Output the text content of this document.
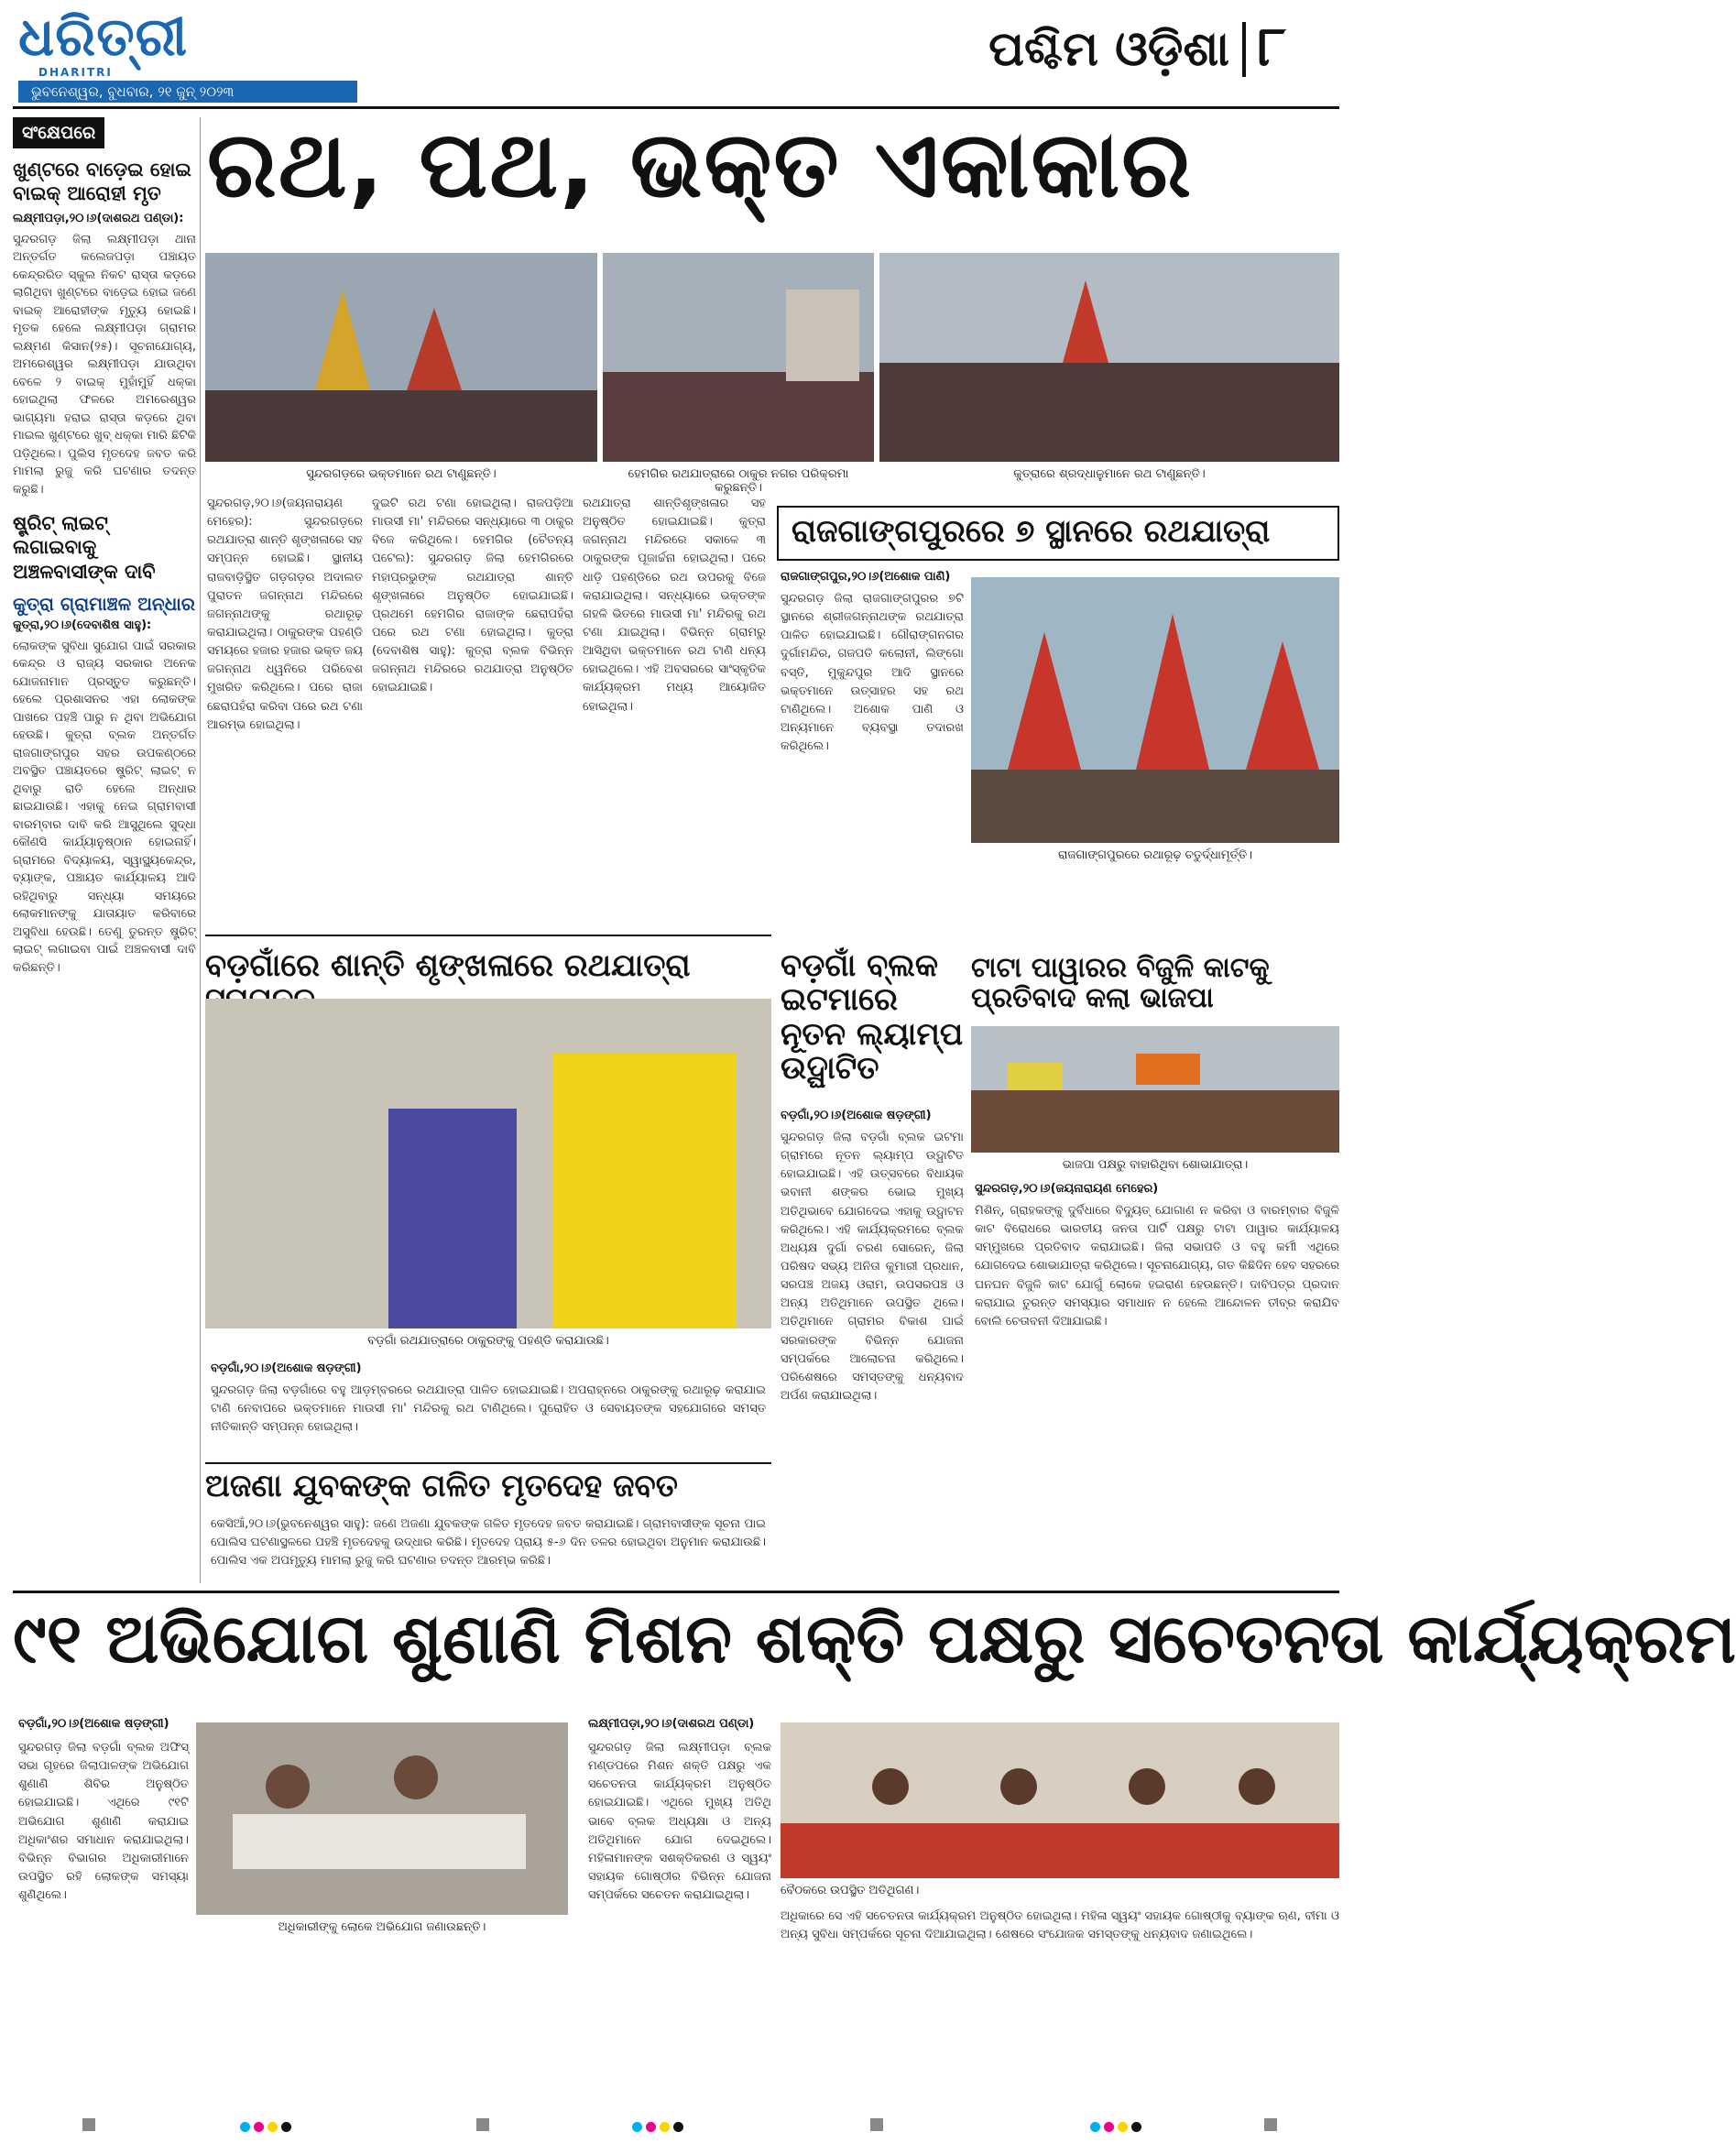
ଧରିତ୍ରୀ
DHARITRI
ଭୁବନେଶ୍ୱର, ବୁଧବାର, ୨୧ ଜୁନ୍ ୨୦୨୩
ପଶ୍ଚିମ ଓଡ଼ିଶା ୮
ସଂକ୍ଷେପରେ
ଖୁଣ୍ଟରେ ବାଡ଼େଇ ହୋଇ ବାଇକ୍ ଆରୋହୀ ମୃତ
ଲକ୍ଷ୍ମୀପଡ଼ା,୨୦।୬(ଦାଶରଥ ପଣ୍ଡା):
ସୁନ୍ଦରଗଡ଼ ଜିଲା ଲକ୍ଷ୍ମୀପଡ଼ା ଥାନା ଅନ୍ତର୍ଗତ କଲେଜପଡ଼ା ପଞ୍ଚାୟତ କେନ୍ଦ୍ରରିତ ସ୍କୁଲ ନିକଟ ରାସ୍ତା କଡ଼ରେ ଲାଗିଥିବା ଖୁଣ୍ଟରେ ବାଡ଼େଇ ହୋଇ ଜଣେ ବାଇକ୍ ଆରୋହୀଙ୍କ ମୃତ୍ୟୁ ହୋଇଛି। ମୃତକ ହେଲେ ଲକ୍ଷ୍ମୀପଡ଼ା ଗ୍ରାମର ଲକ୍ଷ୍ମଣ କିସାନ(୨୫)। ସୂଚନାଯୋଗ୍ୟ, ଅମରେଶ୍ୱର ଲକ୍ଷ୍ମୀପଡ଼ା ଯାଉଥିବା ବେଳେ ୨ ବାଇକ୍ ମୁହାଁମୁହିଁ ଧକ୍କା ହୋଇଥିଲା ଫଳରେ ଅମରେଶ୍ୱର ଭାଗ୍ୟମା ହରାଇ ରାସ୍ତା କଡ଼ରେ ଥିବା ମାଇଲ ଖୁଣ୍ଟରେ ଖୁବ୍ ଧକ୍କା ମାରି ଛିଟିକି ପଡ଼ିଥିଲେ। ପୁଲିସ ମୃତଦେହ ଜବତ କରି ମାମଲା ରୁଜୁ କରି ଘଟଣାର ତଦନ୍ତ କରୁଛି।
ଷ୍ଟ୍ରିଟ୍ ଲାଇଟ୍ ଲଗାଇବାକୁ ଅଞ୍ଚଳବାସୀଙ୍କ ଦାବି
କୁତ୍ରା ଗ୍ରାମାଞ୍ଚଳ ଅନ୍ଧାର
କୁତ୍ରା,୨୦।୬(ଦେବାଶିଷ ସାହୁ):
ଲୋକଙ୍କ ସୁବିଧା ସୁଯୋଗ ପାଇଁ ସରକାର କେନ୍ଦ୍ର ଓ ରାଜ୍ୟ ସରକାର ଅନେକ ଯୋଜନାମାନ ପ୍ରସ୍ତୁତ କରୁଛନ୍ତି। ହେଲେ ପ୍ରଶାସନର ଏହା ଲୋକଙ୍କ ପାଖରେ ପହଞ୍ଚି ପାରୁ ନ ଥିବା ଅଭିଯୋଗ ହେଉଛି। କୁତ୍ରା ବ୍ଲକ ଅନ୍ତର୍ଗତ ରାଜଗାଙ୍ଗପୁର ସହର ଉପକଣ୍ଠରେ ଅବସ୍ଥିତ ପଞ୍ଚାୟତରେ ଷ୍ଟ୍ରିଟ୍ ଲାଇଟ୍ ନ ଥିବାରୁ ରାତି ହେଲେ ଅନ୍ଧାର ଛାଇଯାଉଛି। ଏହାକୁ ନେଇ ଗ୍ରାମବାସୀ ବାରମ୍ବାର ଦାବି କରି ଆସୁଥିଲେ ସୁଦ୍ଧା କୌଣସି କାର୍ଯ୍ୟାନୁଷ୍ଠାନ ହୋଇନାହିଁ। ଗ୍ରାମରେ ବିଦ୍ୟାଳୟ, ସ୍ୱାସ୍ଥ୍ୟକେନ୍ଦ୍ର, ବ୍ୟାଙ୍କ, ପଞ୍ଚାୟତ କାର୍ଯ୍ୟାଳୟ ଆଦି ରହିଥିବାରୁ ସନ୍ଧ୍ୟା ସମୟରେ ଲୋକମାନଙ୍କୁ ଯାତାୟାତ କରିବାରେ ଅସୁବିଧା ହେଉଛି। ତେଣୁ ତୁରନ୍ତ ଷ୍ଟ୍ରିଟ୍ ଲାଇଟ୍ ଲଗାଇବା ପାଇଁ ଅଞ୍ଚଳବାସୀ ଦାବି କରିଛନ୍ତି।
ରଥ, ପଥ, ଭକ୍ତ ଏକାକାର
ସୁନ୍ଦରଗଡ଼ରେ ଭକ୍ତମାନେ ରଥ ଟାଣୁଛନ୍ତି।	ହେମଗିର ରଥଯାତ୍ରାରେ ଠାକୁର ନଗର ପରିକ୍ରମା କରୁଛନ୍ତି।
କୁତ୍ରାରେ ଶ୍ରଦ୍ଧାଳୁମାନେ ରଥ ଟାଣୁଛନ୍ତି।
ସୁନ୍ଦରଗଡ଼,୨୦।୬(ଜୟନାରାୟଣ ମେହେର): ସୁନ୍ଦରଗଡ଼ରେ ରଥଯାତ୍ରା ଶାନ୍ତି ଶୃଙ୍ଖଳାରେ ସହ ସମ୍ପନ୍ନ ହୋଇଛି। ସ୍ଥାନୀୟ ରାଜବାଡ଼ିସ୍ଥିତ ଗଡ଼ଗଡ଼ର ଅଦାଲତ ପୁରାତନ ଜଗନ୍ନାଥ ମନ୍ଦିରରେ ଜଗନ୍ନାଥଙ୍କୁ ରଥାରୂଢ଼ କରାଯାଇଥିଲା। ଠାକୁରଙ୍କ ପହଣ୍ଡି ସମୟରେ ହଜାର ହଜାର ଭକ୍ତ ଜୟ ଜଗନ୍ନାଥ ଧ୍ୱନିରେ ପରିବେଶ ମୁଖରିତ କରିଥିଲେ। ପରେ ରାଜା ଛେରାପହଁରା କରିବା ପରେ ରଥ ଟଣା ଆରମ୍ଭ ହୋଇଥିଲା।
ଦୁଇଟି ରଥ ଟଣା ହୋଇଥିଲା। ରାଜପଡ଼ିଆ ମାଉସୀ ମା' ମନ୍ଦିରରେ ସନ୍ଧ୍ୟାରେ ୩ ଠାକୁର ବିଜେ କରିଥିଲେ। ହେମଗିର (ଚୈତନ୍ୟ ପଟେଲ): ସୁନ୍ଦରଗଡ଼ ଜିଲା ହେମଗିରରେ ମହାପ୍ରଭୁଙ୍କ ରଥଯାତ୍ରା ଶାନ୍ତି ଶୃଙ୍ଖଳାରେ ଅନୁଷ୍ଠିତ ହୋଇଯାଇଛି। ପ୍ରଥମେ ହେମଗିର ରାଜାଙ୍କ ଛେରାପହଁରା ପରେ ରଥ ଟଣା ହୋଇଥିଲା। କୁତ୍ରା (ଦେବାଶିଷ ସାହୁ): କୁତ୍ରା ବ୍ଲକ ବିଭିନ୍ନ ଜଗନ୍ନାଥ ମନ୍ଦିରରେ ରଥଯାତ୍ରା ଅନୁଷ୍ଠିତ ହୋଇଯାଇଛି।
ରଥଯାତ୍ରା ଶାନ୍ତିଶୃଙ୍ଖଳାର ସହ ଅନୁଷ୍ଠିତ ହୋଇଯାଇଛି। କୁତ୍ରା ଜଗନ୍ନାଥ ମନ୍ଦିରରେ ସକାଳେ ୩ ଠାକୁରଙ୍କ ପୂଜାର୍ଚ୍ଚନା ହୋଇଥିଲା। ପରେ ଧାଡ଼ି ପହଣ୍ଡିରେ ରଥ ଉପରକୁ ବିଜେ କରାଯାଇଥିଲା। ସନ୍ଧ୍ୟାରେ ଭକ୍ତଙ୍କ ଗହଳି ଭିତରେ ମାଉସୀ ମା' ମନ୍ଦିରକୁ ରଥ ଟଣା ଯାଇଥିଲା। ବିଭିନ୍ନ ଗ୍ରାମରୁ ଆସିଥିବା ଭକ୍ତମାନେ ରଥ ଟାଣି ଧନ୍ୟ ହୋଇଥିଲେ। ଏହି ଅବସରରେ ସାଂସ୍କୃତିକ କାର୍ଯ୍ୟକ୍ରମ ମଧ୍ୟ ଆୟୋଜିତ ହୋଇଥିଲା।
ରାଜଗାଙ୍ଗପୁରରେ ୭ ସ୍ଥାନରେ ରଥଯାତ୍ରା
ରାଜଗାଙ୍ଗପୁର,୨୦।୬(ଅଶୋକ ପାଣି)
ସୁନ୍ଦରଗଡ଼ ଜିଲା ରାଜଗାଙ୍ଗପୁରର ୭ଟି ସ୍ଥାନରେ ଶ୍ରୀଜଗନ୍ନାଥଙ୍କ ରଥଯାତ୍ରା ପାଳିତ ହୋଇଯାଇଛି। ଗୌରାଙ୍ଗନଗର ଦୁର୍ଗାମନ୍ଦିର, ଗଜପତି କଲୋନୀ, ଲିଙ୍ଗୋ ବସ୍ତି, ମୁକୁନ୍ଦପୁର ଆଦି ସ୍ଥାନରେ ଭକ୍ତମାନେ ଉତ୍ସାହର ସହ ରଥ ଟାଣିଥିଲେ। ଅଶୋକ ପାଣି ଓ ଅନ୍ୟମାନେ ବ୍ୟବସ୍ଥା ତଦାରଖ କରିଥିଲେ।
ରାଜଗାଙ୍ଗପୁରରେ ରଥାରୂଢ଼ ଚତୁର୍ଦ୍ଧାମୂର୍ତ୍ତି।
ବଡ଼ଗାଁରେ ଶାନ୍ତି ଶୃଙ୍ଖଳାରେ ରଥଯାତ୍ରା
ବଡ଼ଗାଁ ରଥଯାତ୍ରାରେ ଠାକୁରଙ୍କୁ ପହଣ୍ଡି କରାଯାଉଛି।
ବଡ଼ଗାଁ,୨୦।୬(ଅଶୋକ ଷଡ଼ଙ୍ଗୀ)
ସୁନ୍ଦରଗଡ଼ ଜିଲା ବଡ଼ଗାଁରେ ବହୁ ଆଡ଼ମ୍ବରରେ ରଥଯାତ୍ରା ପାଳିତ ହୋଇଯାଇଛି। ଅପରାହ୍ନରେ ଠାକୁରଙ୍କୁ ରଥାରୂଢ଼ କରାଯାଇ ଟାଣି ନେବାପରେ ଭକ୍ତମାନେ ମାଉସୀ ମା' ମନ୍ଦିରକୁ ରଥ ଟାଣିଥିଲେ। ପୁରୋହିତ ଓ ସେବାୟତଙ୍କ ସହଯୋଗରେ ସମସ୍ତ ନୀତିକାନ୍ତି ସମ୍ପନ୍ନ ହୋଇଥିଲା।
ବଡ଼ଗାଁ ବ୍ଲକ ଇଟମାରେ ନୂତନ ଲ୍ୟାମ୍ପ ଉଦ୍ଘାଟିତ
ବଡ଼ଗାଁ,୨୦।୬(ଅଶୋକ ଷଡ଼ଙ୍ଗୀ)
ସୁନ୍ଦରଗଡ଼ ଜିଲା ବଡ଼ଗାଁ ବ୍ଲକ ଇଟମା ଗ୍ରାମରେ ନୂତନ ଲ୍ୟାମ୍ପ ଉଦ୍ଘାଟିତ ହୋଇଯାଇଛି। ଏହି ଉତ୍ସବରେ ବିଧାୟକ ଭବାନୀ ଶଙ୍କର ଭୋଇ ମୁଖ୍ୟ ଅତିଥିଭାବେ ଯୋଗଦେଇ ଏହାକୁ ଉଦ୍ଘାଟନ କରିଥିଲେ। ଏହି କାର୍ଯ୍ୟକ୍ରମରେ ବ୍ଲକ ଅଧ୍ୟକ୍ଷ ଦୁର୍ଗା ଚରଣ ସୋରେନ୍, ଜିଲା ପରିଷଦ ସଭ୍ୟ ଅନିତା କୁମାରୀ ପ୍ରଧାନ, ସରପଞ୍ଚ ଅଜୟ ଓରାମ, ଉପସରପଞ୍ଚ ଓ ଅନ୍ୟ ଅତିଥିମାନେ ଉପସ୍ଥିତ ଥିଲେ। ଅତିଥିମାନେ ଗ୍ରାମର ବିକାଶ ପାଇଁ ସରକାରଙ୍କ ବିଭିନ୍ନ ଯୋଜନା ସମ୍ପର୍କରେ ଆଲୋଚନା କରିଥିଲେ। ପରିଶେଷରେ ସମସ୍ତଙ୍କୁ ଧନ୍ୟବାଦ ଅର୍ପଣ କରାଯାଇଥିଲା।
ଟାଟା ପାୱାରର ବିଜୁଳି କାଟକୁ ପ୍ରତିବାଦ କଲା ଭାଜପା
ଭାଜପା ପକ୍ଷରୁ ବାହାରିଥିବା ଶୋଭାଯାତ୍ରା।
ସୁନ୍ଦରଗଡ଼,୨୦।୬(ଜୟନାରାୟଣ ମେହେର)
ମିଶିନ୍, ଗ୍ରାହକଙ୍କୁ ଦୁର୍ବିଧାରେ ବିଦ୍ୟୁତ୍ ଯୋଗାଣ ନ କରିବା ଓ ବାରମ୍ବାର ବିଜୁଳି କାଟ ବିରୋଧରେ ଭାରତୀୟ ଜନତା ପାର୍ଟି ପକ୍ଷରୁ ଟାଟା ପାୱାର କାର୍ଯ୍ୟାଳୟ ସମ୍ମୁଖରେ ପ୍ରତିବାଦ କରାଯାଇଛି। ଜିଲା ସଭାପତି ଓ ବହୁ କର୍ମୀ ଏଥିରେ ଯୋଗଦେଇ ଶୋଭାଯାତ୍ରା କରିଥିଲେ। ସୂଚନାଯୋଗ୍ୟ, ଗତ କିଛିଦିନ ହେବ ସହରରେ ଘନଘନ ବିଜୁଳି କାଟ ଯୋଗୁଁ ଲୋକେ ହଇରାଣ ହେଉଛନ୍ତି। ଦାବିପତ୍ର ପ୍ରଦାନ କରାଯାଇ ତୁରନ୍ତ ସମସ୍ୟାର ସମାଧାନ ନ ହେଲେ ଆନ୍ଦୋଳନ ତୀବ୍ର କରାଯିବ ବୋଲି ଚେତାବନୀ ଦିଆଯାଇଛି।
ଅଜଣା ଯୁବକଙ୍କ ଗଳିତ ମୃତଦେହ ଜବତ
କେସିଆଁ,୨୦।୬(ଭୁବନେଶ୍ୱର ସାହୁ): ଜଣେ ଅଜଣା ଯୁବକଙ୍କ ଗଳିତ ମୃତଦେହ ଜବତ କରାଯାଇଛି। ଗ୍ରାମବାସୀଙ୍କ ସୂଚନା ପାଇ ପୋଲିସ ଘଟଣାସ୍ଥଳରେ ପହଞ୍ଚି ମୃତଦେହକୁ ଉଦ୍ଧାର କରିଛି। ମୃତଦେହ ପ୍ରାୟ ୫-୬ ଦିନ ତଳର ହୋଇଥିବା ଅନୁମାନ କରାଯାଉଛି। ପୋଲିସ ଏକ ଅପମୃତ୍ୟୁ ମାମଲା ରୁଜୁ କରି ଘଟଣାର ତଦନ୍ତ ଆରମ୍ଭ କରିଛି।
୯୧ ଅଭିଯୋଗ ଶୁଣାଣି ମିଶନ ଶକ୍ତି ପକ୍ଷରୁ ସଚେତନତା କାର୍ଯ୍ୟକ୍ରମ
ବଡ଼ଗାଁ,୨୦।୬(ଅଶୋକ ଷଡ଼ଙ୍ଗୀ)
ସୁନ୍ଦରଗଡ଼ ଜିଲା ବଡ଼ଗାଁ ବ୍ଲକ ଅଫିସ୍ ସଭା ଗୃହରେ ଜିଲାପାଳଙ୍କ ଅଭିଯୋଗ ଶୁଣାଣି ଶିବିର ଅନୁଷ୍ଠିତ ହୋଇଯାଇଛି। ଏଥିରେ ୯୧ଟି ଅଭିଯୋଗ ଶୁଣାଣି କରାଯାଇ ଅଧିକାଂଶର ସମାଧାନ କରାଯାଇଥିଲା। ବିଭିନ୍ନ ବିଭାଗର ଅଧିକାରୀମାନେ ଉପସ୍ଥିତ ରହି ଲୋକଙ୍କ ସମସ୍ୟା ଶୁଣିଥିଲେ।
ଅଧିକାରୀଙ୍କୁ ଲୋକେ ଅଭିଯୋଗ ଜଣାଉଛନ୍ତି।
ଲକ୍ଷ୍ମୀପଡ଼ା,୨୦।୬(ଦାଶରଥ ପଣ୍ଡା)
ସୁନ୍ଦରଗଡ଼ ଜିଲା ଲକ୍ଷ୍ମୀପଡ଼ା ବ୍ଲକ ମଣ୍ଡପରେ ମିଶନ ଶକ୍ତି ପକ୍ଷରୁ ଏକ ସଚେତନତା କାର୍ଯ୍ୟକ୍ରମ ଅନୁଷ୍ଠିତ ହୋଇଯାଇଛି। ଏଥିରେ ମୁଖ୍ୟ ଅତିଥି ଭାବେ ବ୍ଲକ ଅଧ୍ୟକ୍ଷା ଓ ଅନ୍ୟ ଅତିଥିମାନେ ଯୋଗ ଦେଇଥିଲେ। ମହିଳାମାନଙ୍କ ସଶକ୍ତିକରଣ ଓ ସ୍ୱୟଂ ସହାୟକ ଗୋଷ୍ଠୀର ବିଭିନ୍ନ ଯୋଜନା ସମ୍ପର୍କରେ ସଚେତନ କରାଯାଇଥିଲା।	ବୈଠକରେ ଉପସ୍ଥିତ ଅତିଥିଗଣ।
ଅଧିକାରେ ସେ ଏହି ସଚେତନତା କାର୍ଯ୍ୟକ୍ରମ ଅନୁଷ୍ଠିତ ହୋଇଥିଲା। ମହିଳା ସ୍ୱୟଂ ସହାୟକ ଗୋଷ୍ଠୀକୁ ବ୍ୟାଙ୍କ ଋଣ, ବୀମା ଓ ଅନ୍ୟ ସୁବିଧା ସମ୍ପର୍କରେ ସୂଚନା ଦିଆଯାଇଥିଲା। ଶେଷରେ ସଂଯୋଜକ ସମସ୍ତଙ୍କୁ ଧନ୍ୟବାଦ ଜଣାଇଥିଲେ।
